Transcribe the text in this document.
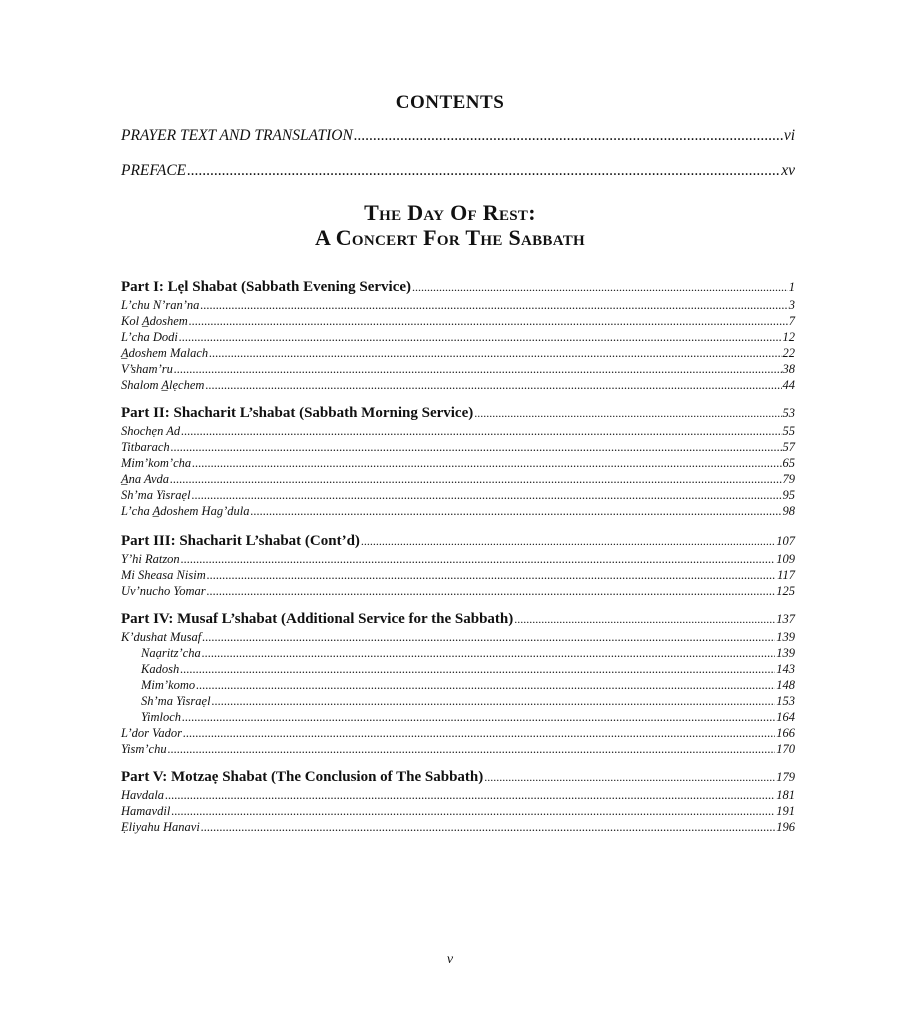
CONTENTS
PRAYER TEXT AND TRANSLATION .....	vi
PREFACE .....	xv
The Day Of Rest:
A Concert For The Sabbath
Part I: Lẹl Shabat (Sabbath Evening Service) .....	1
L’chu N’ran’na .....	3
Kol A̲doshem .....	7
L’cha Dodi .....	12
A̲doshem Malach .....	22
V’sham’ru .....	38
Shalom A̲lẹchem .....	44
Part II: Shacharit L’shabat (Sabbath Morning Service) .....	53
Shochẹn Ad .....	55
Titbarach .....	57
Mim’kom’cha .....	65
A̲na Avda .....	79
Sh’ma Yisraẹl .....	95
L’cha A̲doshem Hag’dula .....	98
Part III: Shacharit L’shabat (Cont’d) .....	107
Y’hi Ratzon .....	109
Mi Sheasa Nisim .....	117
Uv’nucho Yomar .....	125
Part IV: Musaf L’shabat (Additional Service for the Sabbath) .....	137
K’dushat Musaf .....	139
Naạritz’cha .....	139
Kadosh .....	143
Mim’komo .....	148
Sh’ma Yisraẹl .....	153
Yimloch .....	164
L’dor Vador .....	166
Yism’chu .....	170
Part V: Motzaẹ Shabat (The Conclusion of The Sabbath) .....	179
Havdala .....	181
Hamavdil .....	191
Ẹliyahu Hanavi .....	196
v
